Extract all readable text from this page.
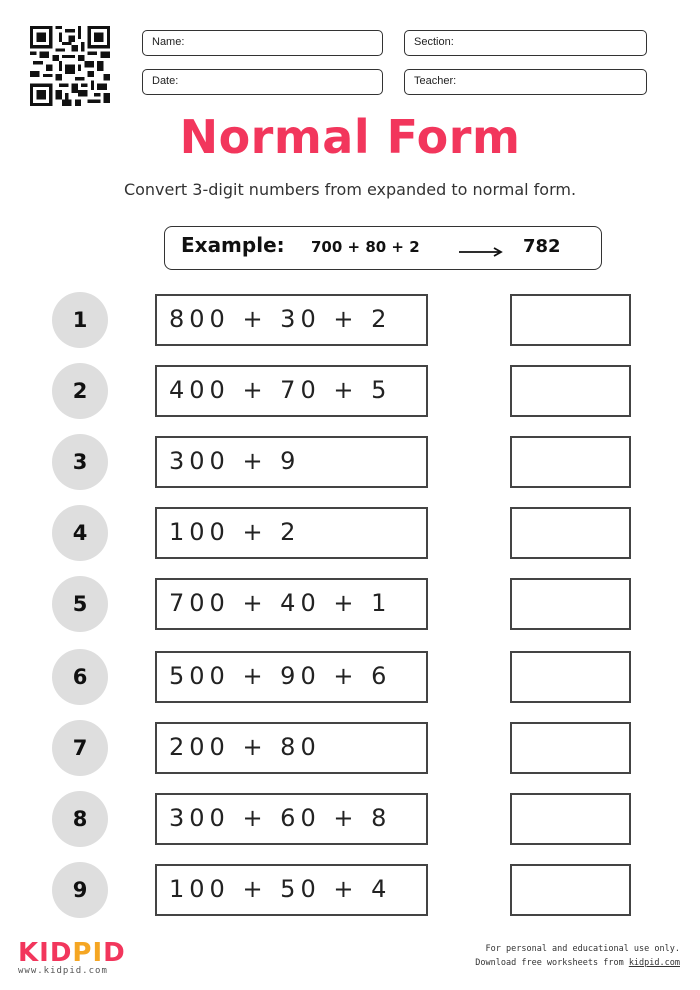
Name:	Section:
Date:	Teacher:
Normal Form
Convert 3-digit numbers from expanded to normal form.
Example: 700 + 80 + 2	782
1	800 + 30 + 2
2	400 + 70 + 5
3	300 + 9
4	100 + 2
5	700 + 40 + 1
6	500 + 90 + 6
7	200 + 80
8	300 + 60 + 8
9	100 + 50 + 4
KIDPID
www.kidpid.com
For personal and educational use only.
Download free worksheets from kidpid.com
